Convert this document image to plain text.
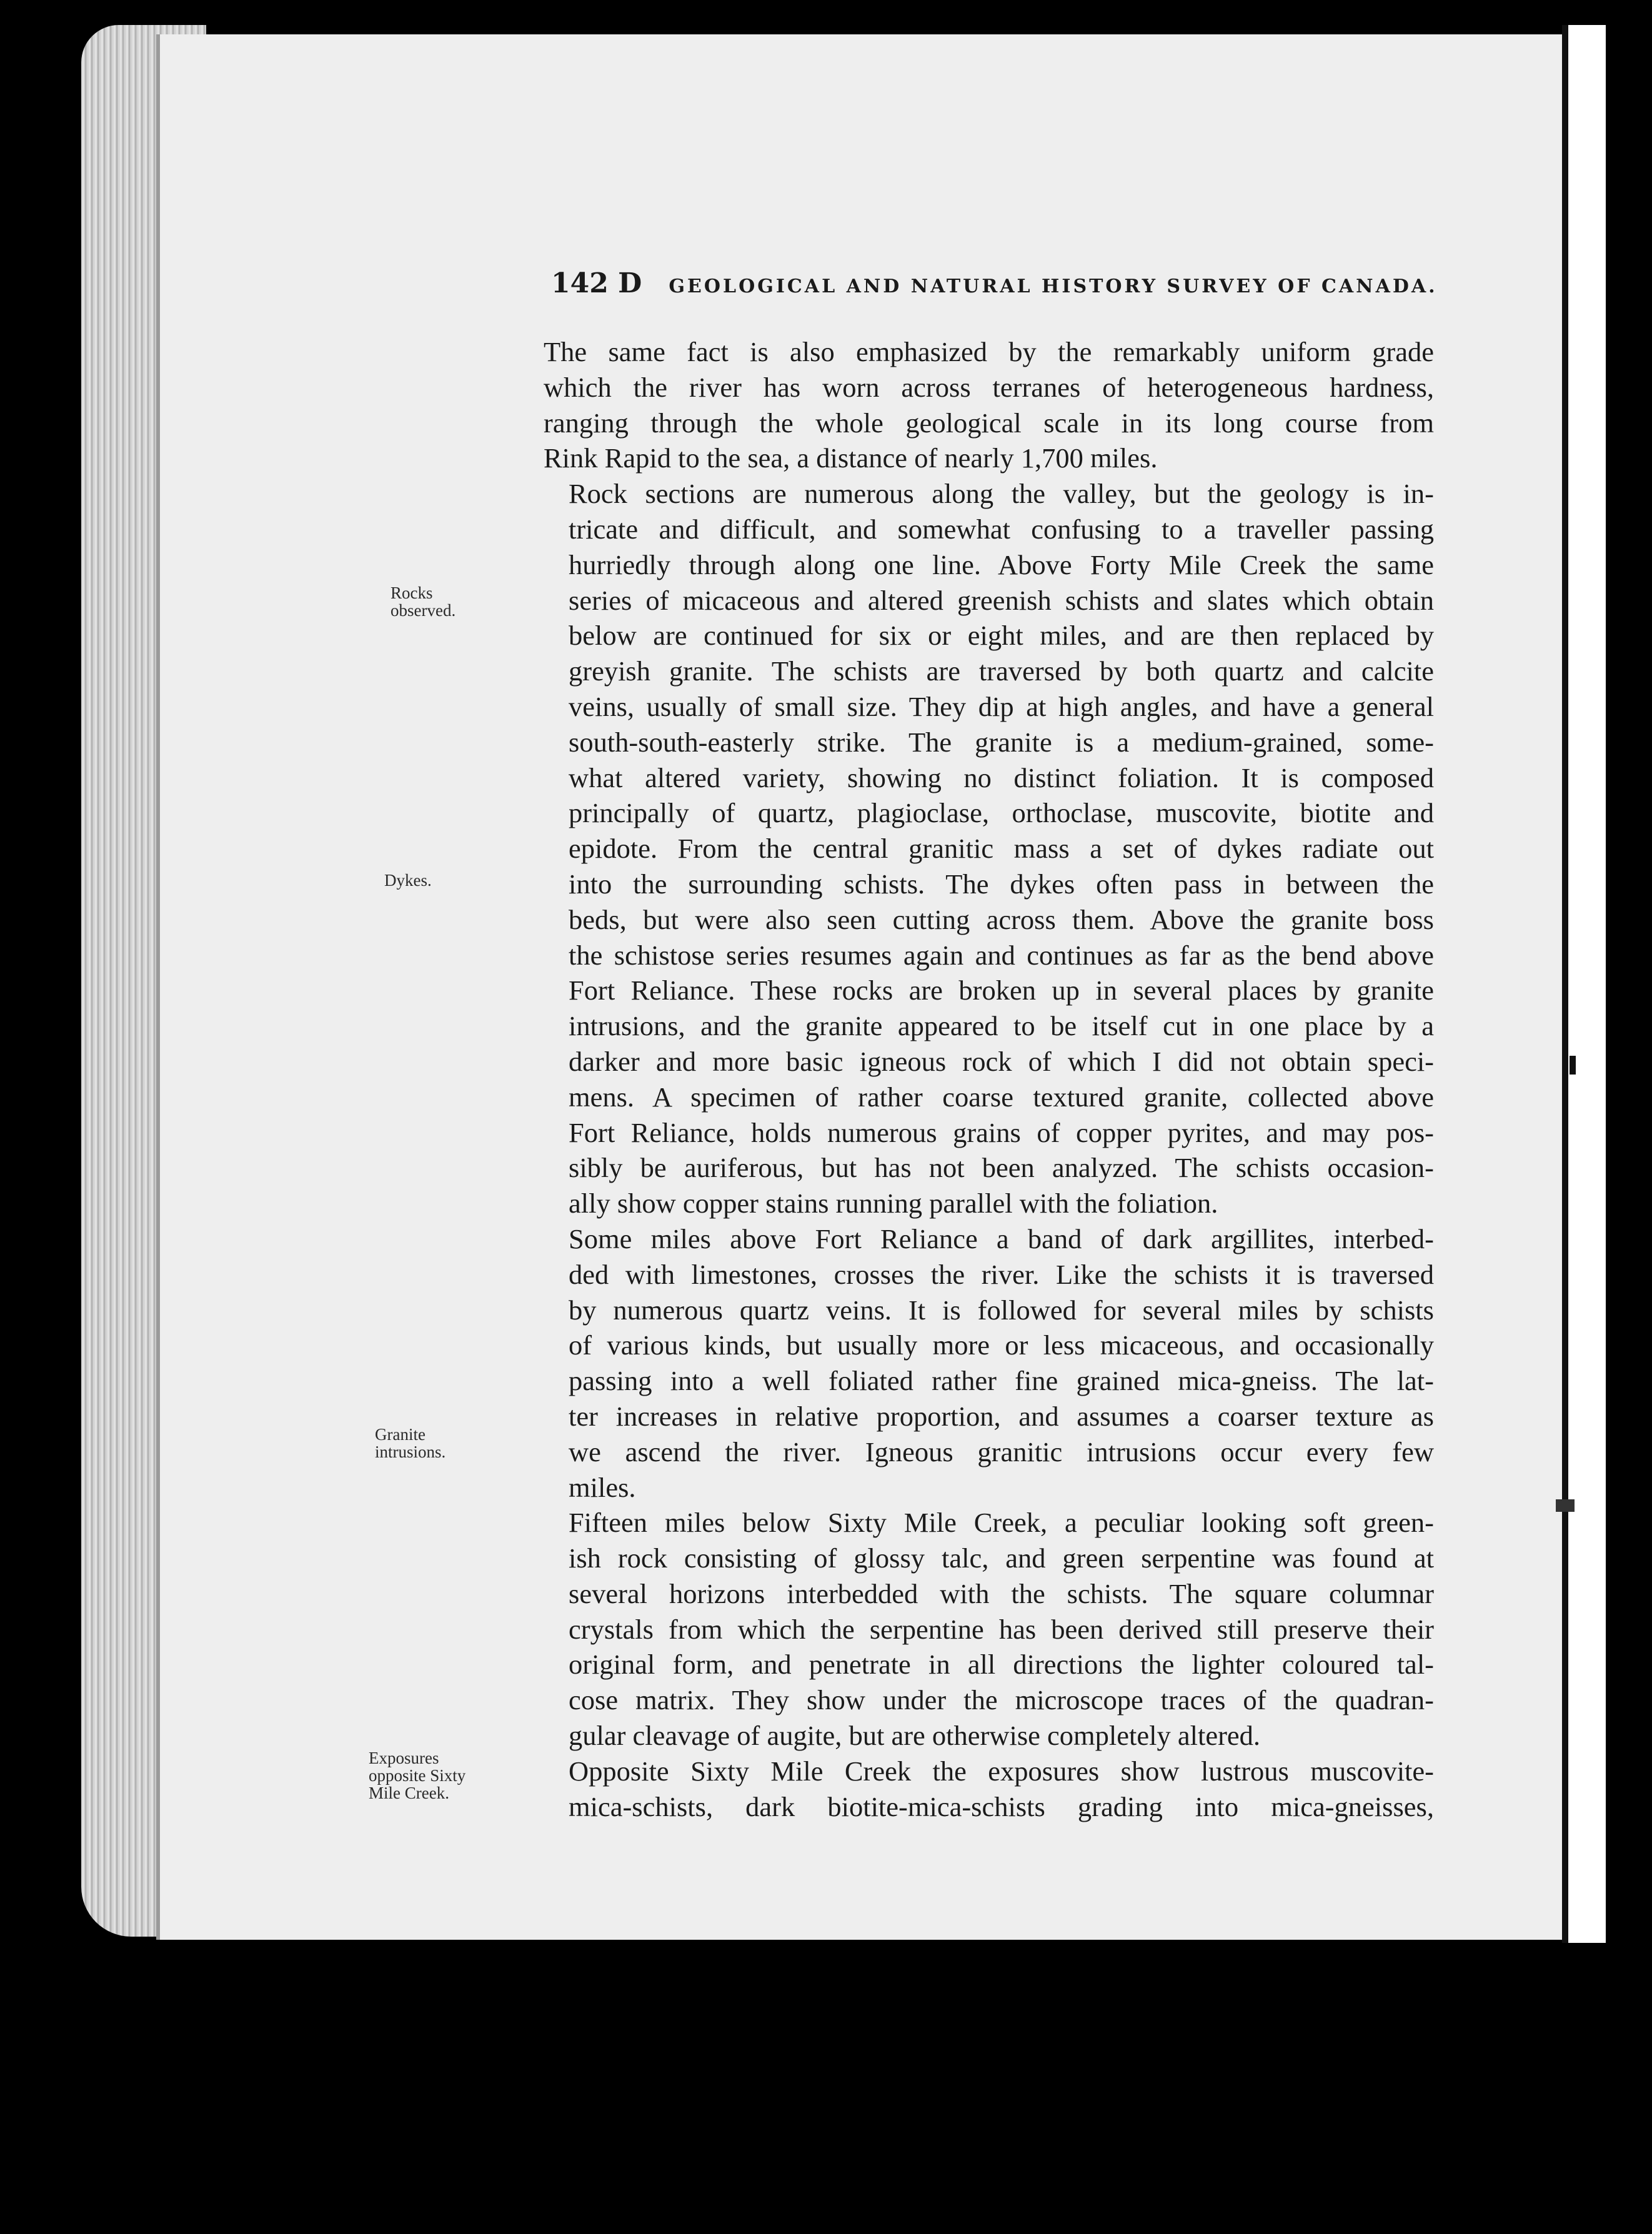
142 D GEOLOGICAL AND NATURAL HISTORY SURVEY OF CANADA.
Rocks
observed.
Dykes.
Granite
intrusions.
Exposures
opposite Sixty
Mile Creek.

The same fact is also emphasized by the remarkably uniform grade
which the river has worn across terranes of heterogeneous hardness,
ranging through the whole geological scale in its long course from
Rink Rapid to the sea, a distance of nearly 1,700 miles.

Rock sections are numerous along the valley, but the geology is in-
tricate and difficult, and somewhat confusing to a traveller passing
hurriedly through along one line. Above Forty Mile Creek the same
series of micaceous and altered greenish schists and slates which obtain
below are continued for six or eight miles, and are then replaced by
greyish granite. The schists are traversed by both quartz and calcite
veins, usually of small size. They dip at high angles, and have a general
south-south-easterly strike. The granite is a medium-grained, some-
what altered variety, showing no distinct foliation. It is composed
principally of quartz, plagioclase, orthoclase, muscovite, biotite and
epidote. From the central granitic mass a set of dykes radiate out
into the surrounding schists. The dykes often pass in between the
beds, but were also seen cutting across them. Above the granite boss
the schistose series resumes again and continues as far as the bend above
Fort Reliance. These rocks are broken up in several places by granite
intrusions, and the granite appeared to be itself cut in one place by a
darker and more basic igneous rock of which I did not obtain speci-
mens. A specimen of rather coarse textured granite, collected above
Fort Reliance, holds numerous grains of copper pyrites, and may pos-
sibly be auriferous, but has not been analyzed. The schists occasion-
ally show copper stains running parallel with the foliation.

Some miles above Fort Reliance a band of dark argillites, interbed-
ded with limestones, crosses the river. Like the schists it is traversed
by numerous quartz veins. It is followed for several miles by schists
of various kinds, but usually more or less micaceous, and occasionally
passing into a well foliated rather fine grained mica-gneiss. The lat-
ter increases in relative proportion, and assumes a coarser texture as
we ascend the river. Igneous granitic intrusions occur every few
miles.

Fifteen miles below Sixty Mile Creek, a peculiar looking soft green-
ish rock consisting of glossy talc, and green serpentine was found at
several horizons interbedded with the schists. The square columnar
crystals from which the serpentine has been derived still preserve their
original form, and penetrate in all directions the lighter coloured tal-
cose matrix. They show under the microscope traces of the quadran-
gular cleavage of augite, but are otherwise completely altered.

Opposite Sixty Mile Creek the exposures show lustrous muscovite-
mica-schists, dark biotite-mica-schists grading into mica-gneisses,
